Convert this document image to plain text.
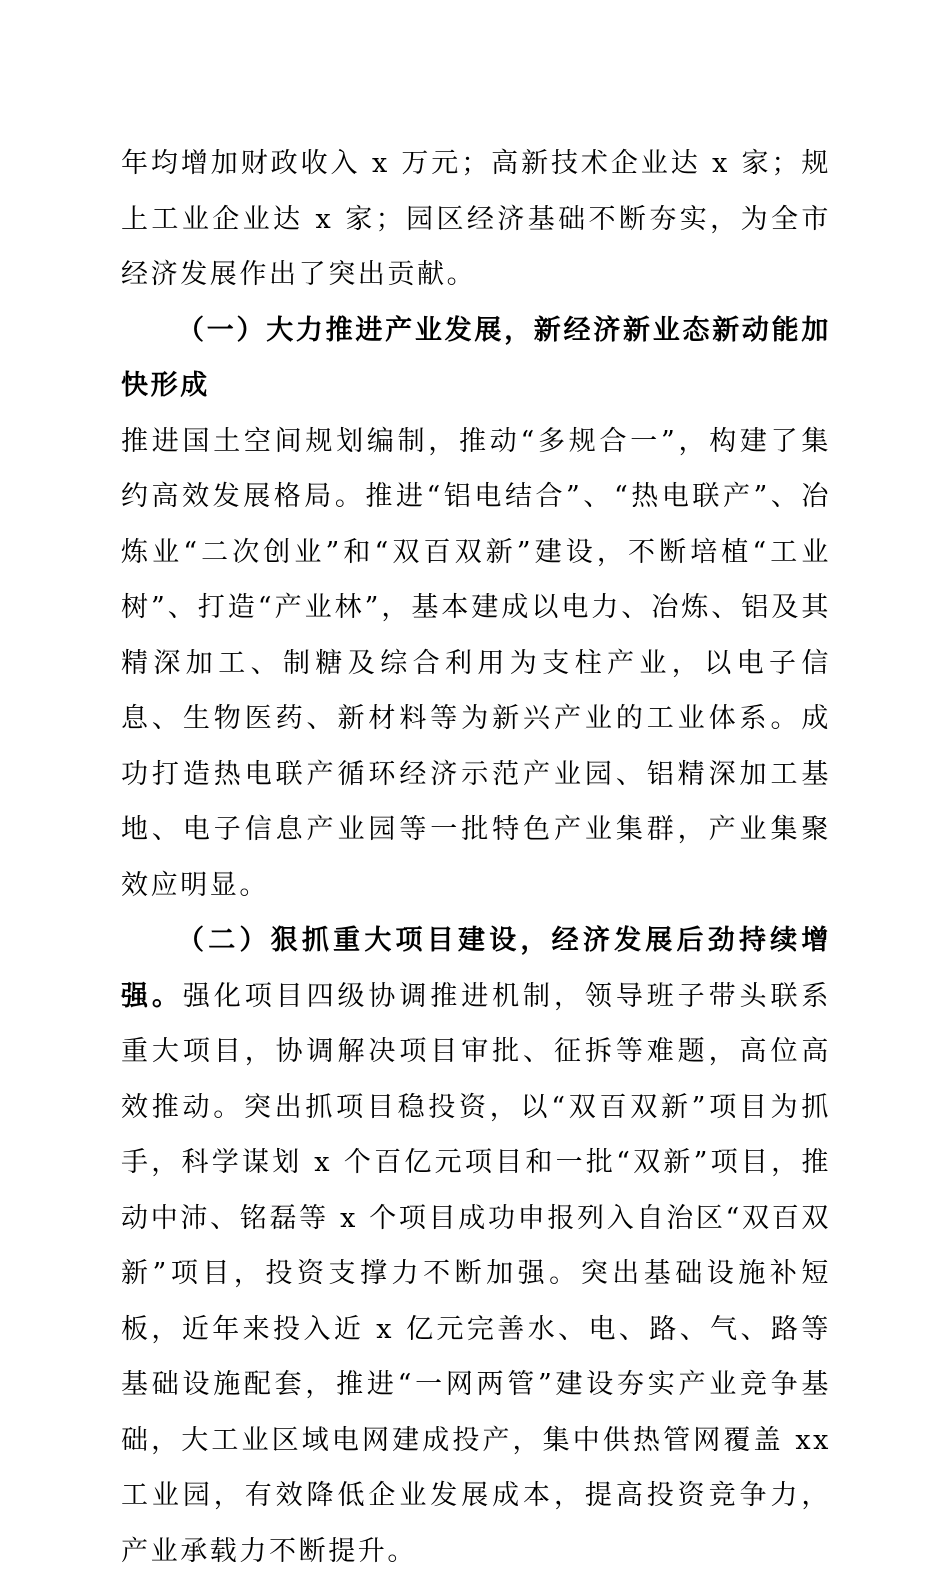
年均增加财政收入 x 万元；高新技术企业达 x 家；规上工业企业达 x 家；园区经济基础不断夯实，为全市经济发展作出了突出贡献。

（一）大力推进产业发展，新经济新业态新动能加快形成
推进国土空间规划编制，推动“多规合一”，构建了集约高效发展格局。推进“铝电结合”、“热电联产”、冶炼业“二次创业”和“双百双新”建设，不断培植“工业树”、打造“产业林”，基本建成以电力、冶炼、铝及其精深加工、制糖及综合利用为支柱产业，以电子信息、生物医药、新材料等为新兴产业的工业体系。成功打造热电联产循环经济示范产业园、铝精深加工基地、电子信息产业园等一批特色产业集群，产业集聚效应明显。

（二）狠抓重大项目建设，经济发展后劲持续增强。强化项目四级协调推进机制，领导班子带头联系重大项目，协调解决项目审批、征拆等难题，高位高效推动。突出抓项目稳投资，以“双百双新”项目为抓手，科学谋划 x 个百亿元项目和一批“双新”项目，推动中沛、铭磊等 x 个项目成功申报列入自治区“双百双新”项目，投资支撑力不断加强。突出基础设施补短板，近年来投入近 x 亿元完善水、电、路、气、路等基础设施配套，推进“一网两管”建设夯实产业竞争基础，大工业区域电网建成投产，集中供热管网覆盖 xx 工业园，有效降低企业发展成本，提高投资竞争力，产业承载力不断提升。
